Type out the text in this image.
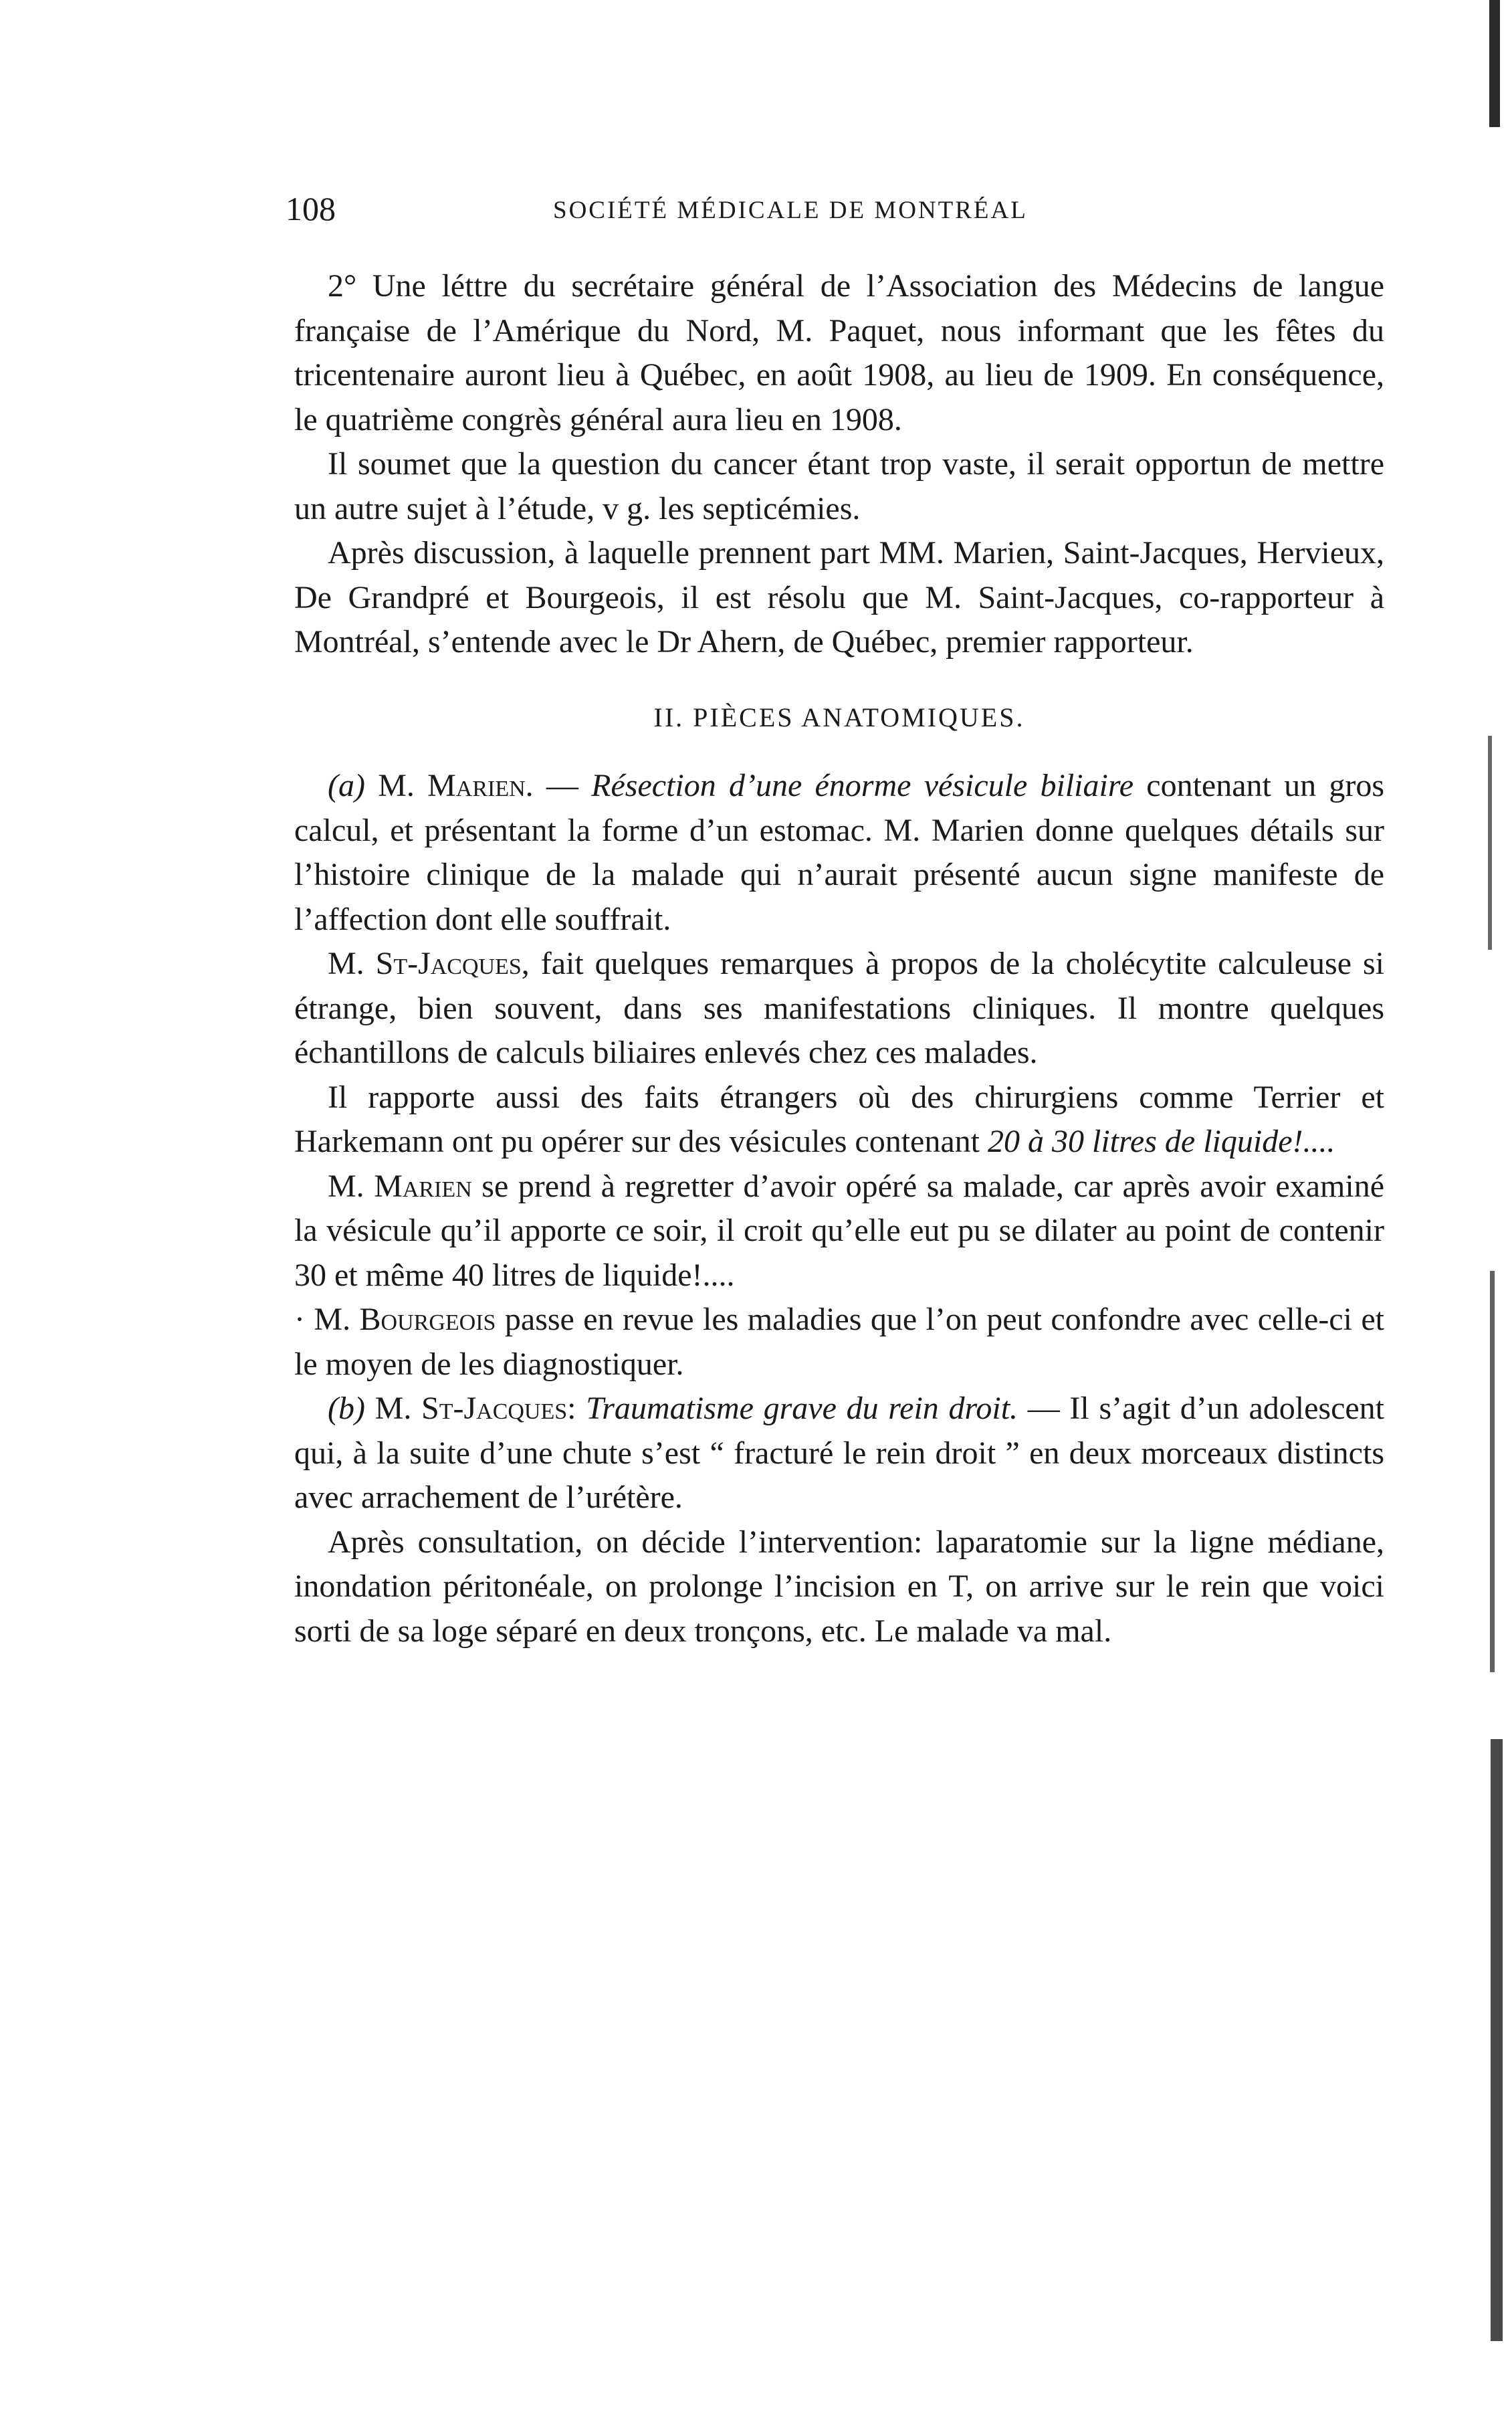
108	SOCIÉTÉ MÉDICALE DE MONTRÉAL

2° Une léttre du secrétaire général de l’Association des Médecins de langue française de l’Amérique du Nord, M. Paquet, nous informant que les fêtes du tricentenaire auront lieu à Québec, en août 1908, au lieu de 1909. En conséquence, le quatrième congrès général aura lieu en 1908.

Il soumet que la question du cancer étant trop vaste, il serait opportun de mettre un autre sujet à l’étude, v g. les septicémies.

Après discussion, à laquelle prennent part MM. Marien, Saint-Jacques, Hervieux, De Grandpré et Bourgeois, il est résolu que M. Saint-Jacques, co-rapporteur à Montréal, s’entende avec le Dr Ahern, de Québec, premier rapporteur.

II. PIÈCES ANATOMIQUES.

(a) M. Marien. — Résection d’une énorme vésicule biliaire contenant un gros calcul, et présentant la forme d’un estomac. M. Marien donne quelques détails sur l’histoire clinique de la malade qui n’aurait présenté aucun signe manifeste de l’affection dont elle souffrait.

M. St-Jacques, fait quelques remarques à propos de la cholécytite calculeuse si étrange, bien souvent, dans ses manifestations cliniques. Il montre quelques échantillons de calculs biliaires enlevés chez ces malades.

Il rapporte aussi des faits étrangers où des chirurgiens comme Terrier et Harkemann ont pu opérer sur des vésicules contenant 20 à 30 litres de liquide!....

M. Marien se prend à regretter d’avoir opéré sa malade, car après avoir examiné la vésicule qu’il apporte ce soir, il croit qu’elle eut pu se dilater au point de contenir 30 et même 40 litres de liquide!....

· M. Bourgeois passe en revue les maladies que l’on peut confondre avec celle-ci et le moyen de les diagnostiquer.

(b) M. St-Jacques: Traumatisme grave du rein droit. — Il s’agit d’un adolescent qui, à la suite d’une chute s’est “ fracturé le rein droit ” en deux morceaux distincts avec arrachement de l’urétère.

Après consultation, on décide l’intervention: laparatomie sur la ligne médiane, inondation péritonéale, on prolonge l’incision en T, on arrive sur le rein que voici sorti de sa loge séparé en deux tronçons, etc. Le malade va mal.
